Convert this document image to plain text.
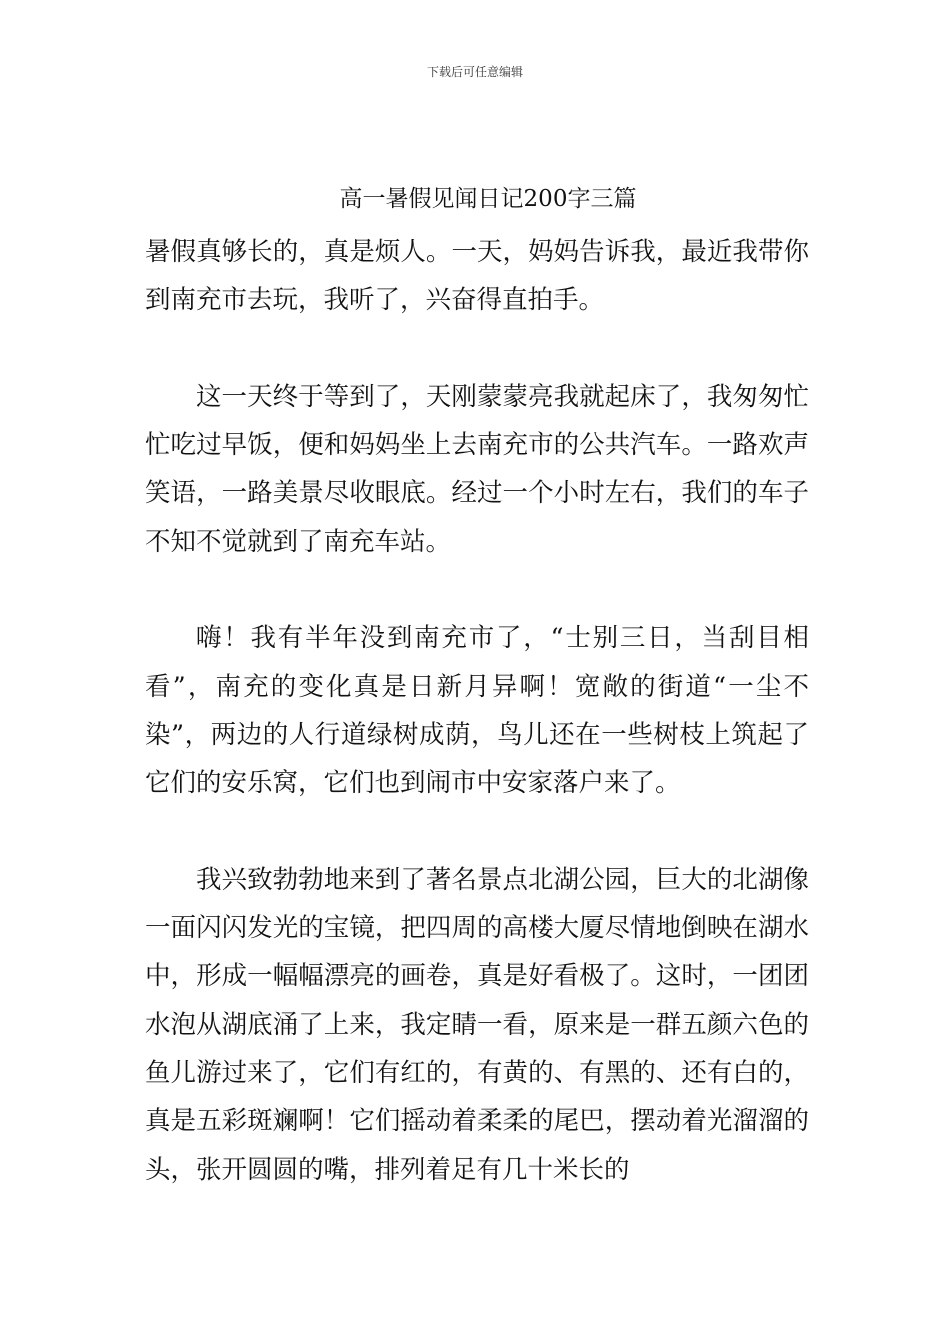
下载后可任意编辑
高一暑假见闻日记200字三篇

暑假真够长的，真是烦人。一天，妈妈告诉我，最近我带你到南充市去玩，我听了，兴奋得直拍手。

这一天终于等到了，天刚蒙蒙亮我就起床了，我匆匆忙忙吃过早饭，便和妈妈坐上去南充市的公共汽车。一路欢声笑语，一路美景尽收眼底。经过一个小时左右，我们的车子不知不觉就到了南充车站。

嗨！我有半年没到南充市了，“士别三日，当刮目相看”，南充的变化真是日新月异啊！宽敞的街道“一尘不染”，两边的人行道绿树成荫，鸟儿还在一些树枝上筑起了它们的安乐窝，它们也到闹市中安家落户来了。

我兴致勃勃地来到了著名景点北湖公园，巨大的北湖像一面闪闪发光的宝镜，把四周的高楼大厦尽情地倒映在湖水中，形成一幅幅漂亮的画卷，真是好看极了。这时，一团团水泡从湖底涌了上来，我定睛一看，原来是一群五颜六色的鱼儿游过来了，它们有红的，有黄的、有黑的、还有白的，真是五彩斑斓啊！它们摇动着柔柔的尾巴，摆动着光溜溜的头，张开圆圆的嘴，排列着足有几十米长的
